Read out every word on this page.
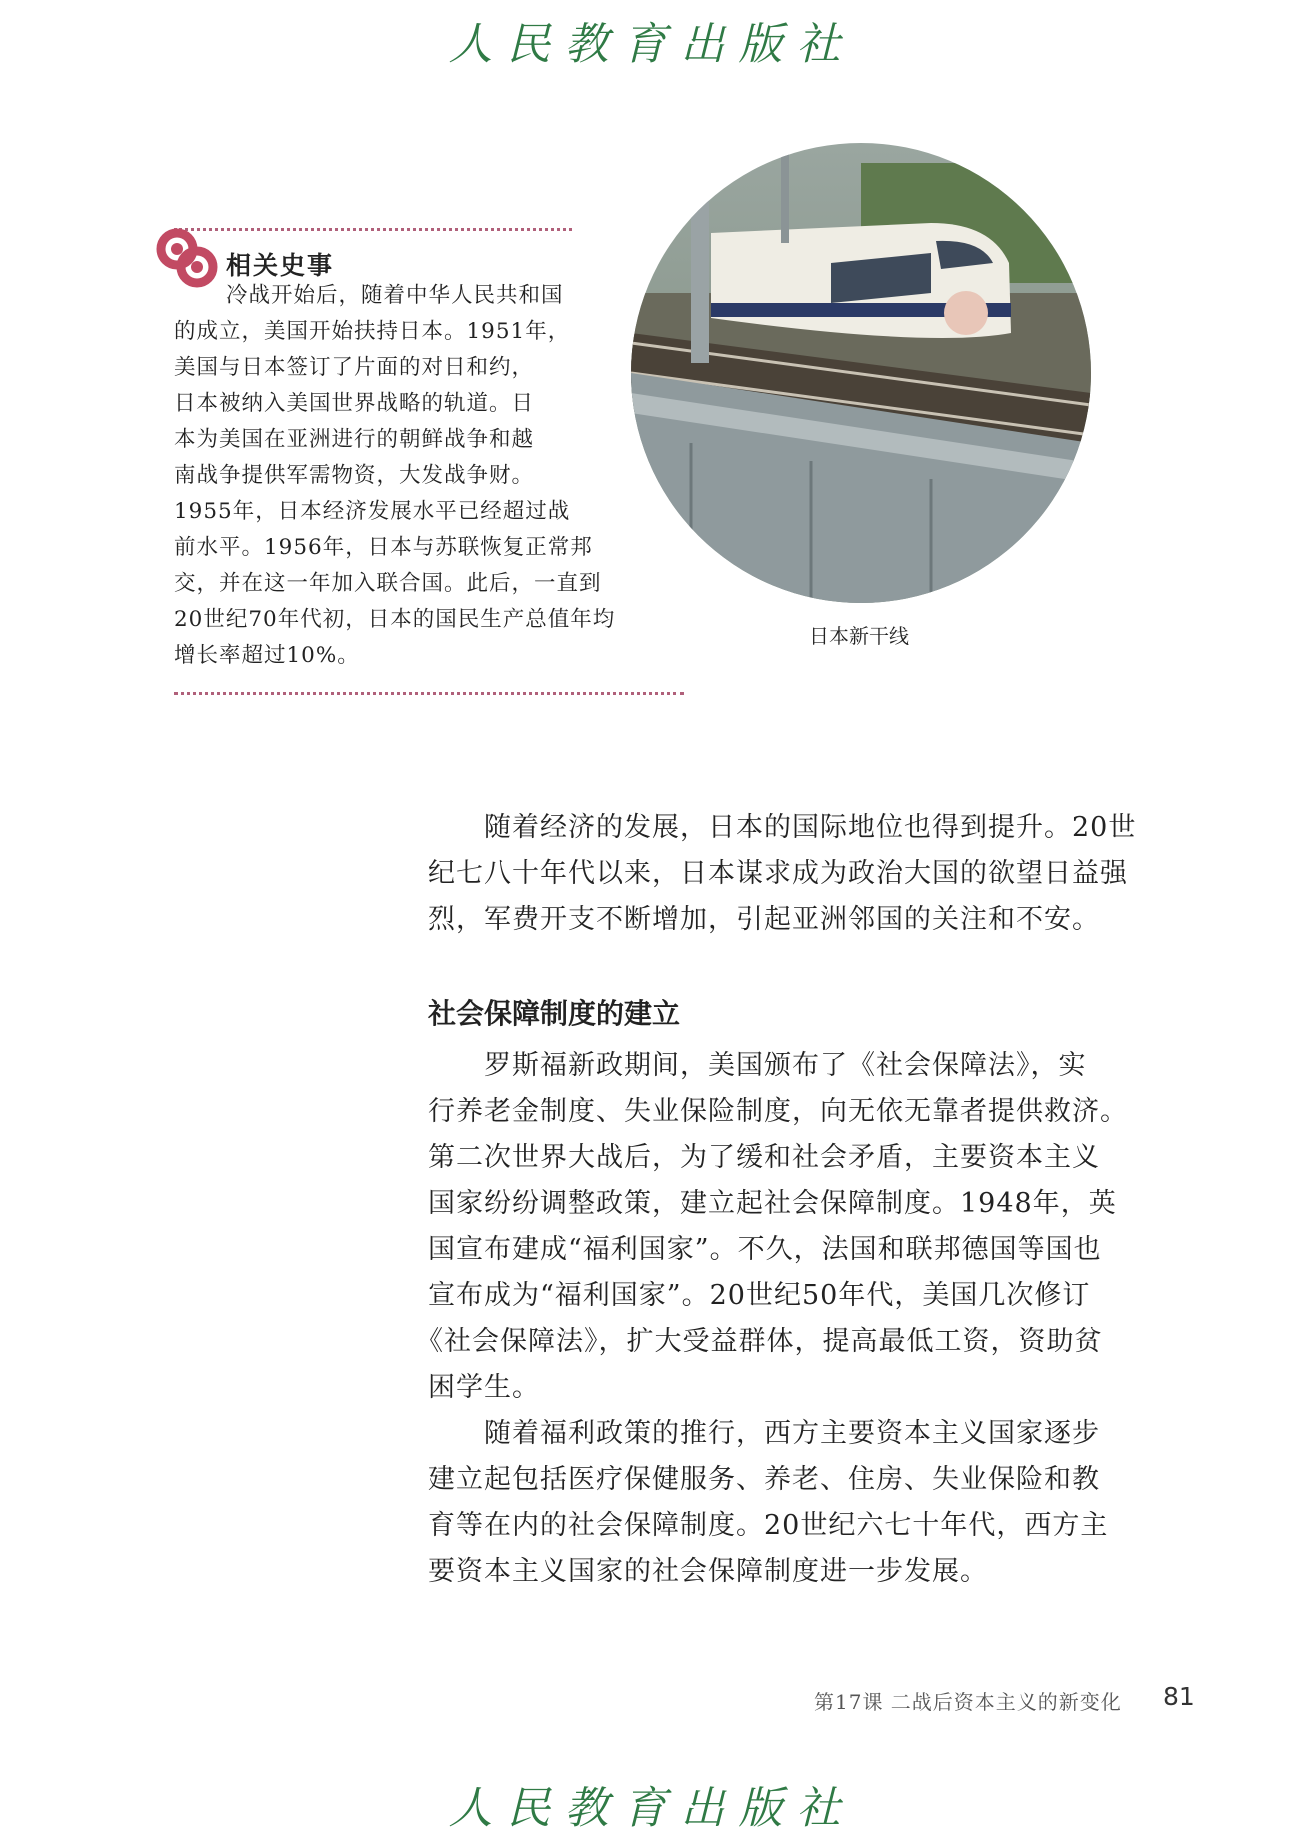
人民教育出版社
相关史事
冷战开始后，随着中华人民共和国
的成立，美国开始扶持日本。1951年，
美国与日本签订了片面的对日和约，
日本被纳入美国世界战略的轨道。日
本为美国在亚洲进行的朝鲜战争和越
南战争提供军需物资，大发战争财。
1955年，日本经济发展水平已经超过战
前水平。1956年，日本与苏联恢复正常邦
交，并在这一年加入联合国。此后，一直到
20世纪70年代初，日本的国民生产总值年均
增长率超过10%。
日本新干线
随着经济的发展，日本的国际地位也得到提升。20世
纪七八十年代以来，日本谋求成为政治大国的欲望日益强
烈，军费开支不断增加，引起亚洲邻国的关注和不安。
社会保障制度的建立
罗斯福新政期间，美国颁布了《社会保障法》，实
行养老金制度、失业保险制度，向无依无靠者提供救济。
第二次世界大战后，为了缓和社会矛盾，主要资本主义
国家纷纷调整政策，建立起社会保障制度。1948年，英
国宣布建成“福利国家”。不久，法国和联邦德国等国也
宣布成为“福利国家”。20世纪50年代，美国几次修订
《社会保障法》，扩大受益群体，提高最低工资，资助贫
困学生。
随着福利政策的推行，西方主要资本主义国家逐步
建立起包括医疗保健服务、养老、住房、失业保险和教
育等在内的社会保障制度。20世纪六七十年代，西方主
要资本主义国家的社会保障制度进一步发展。
第17课 二战后资本主义的新变化 81
人民教育出版社
